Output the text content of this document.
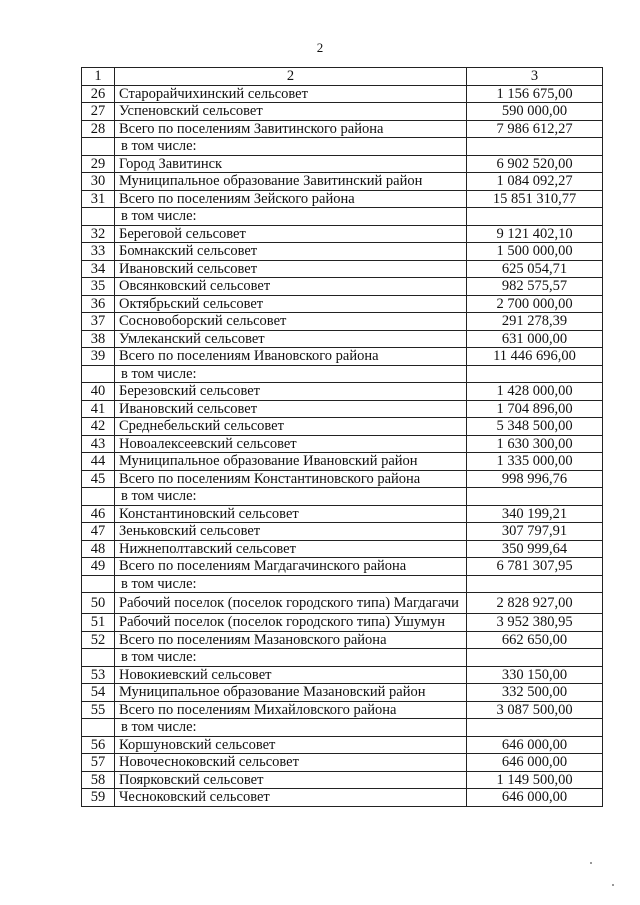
2
1	2	3
26	Старорайчихинский сельсовет	1 156 675,00
27	Успеновский сельсовет	590 000,00
28	Всего по поселениям Завитинского района	7 986 612,27
	в том числе:	
29	Город Завитинск	6 902 520,00
30	Муниципальное образование Завитинский район	1 084 092,27
31	Всего по поселениям Зейского района	15 851 310,77
	в том числе:	
32	Береговой сельсовет	9 121 402,10
33	Бомнакский сельсовет	1 500 000,00
34	Ивановский сельсовет	625 054,71
35	Овсянковский сельсовет	982 575,57
36	Октябрьский сельсовет	2 700 000,00
37	Сосновоборский сельсовет	291 278,39
38	Умлеканский сельсовет	631 000,00
39	Всего по поселениям Ивановского района	11 446 696,00
	в том числе:	
40	Березовский сельсовет	1 428 000,00
41	Ивановский сельсовет	1 704 896,00
42	Среднебельский сельсовет	5 348 500,00
43	Новоалексеевский сельсовет	1 630 300,00
44	Муниципальное образование Ивановский район	1 335 000,00
45	Всего по поселениям Константиновского района	998 996,76
	в том числе:	
46	Константиновский сельсовет	340 199,21
47	Зеньковский сельсовет	307 797,91
48	Нижнеполтавский сельсовет	350 999,64
49	Всего по поселениям Магдагачинского района	6 781 307,95
	в том числе:	
50	Рабочий поселок (поселок городского типа) Магдагачи	2 828 927,00
51	Рабочий поселок (поселок городского типа) Ушумун	3 952 380,95
52	Всего по поселениям Мазановского района	662 650,00
	в том числе:	
53	Новокиевский сельсовет	330 150,00
54	Муниципальное образование Мазановский район	332 500,00
55	Всего по поселениям Михайловского района	3 087 500,00
	в том числе:	
56	Коршуновский сельсовет	646 000,00
57	Новочесноковский сельсовет	646 000,00
58	Поярковский сельсовет	1 149 500,00
59	Чесноковский сельсовет	646 000,00
